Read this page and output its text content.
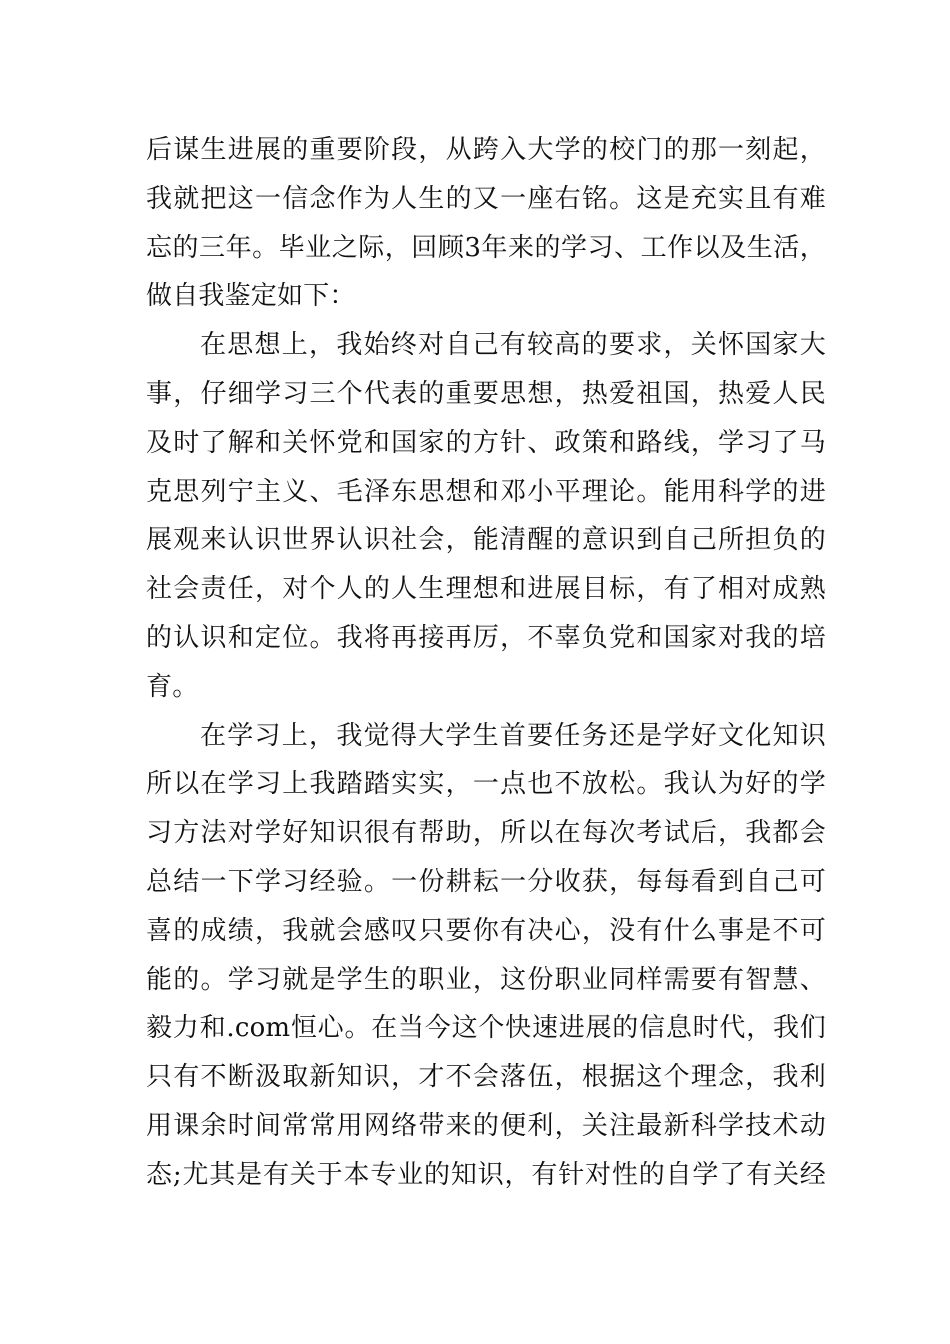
后谋生进展的重要阶段，从跨入大学的校门的那一刻起，
我就把这一信念作为人生的又一座右铭。这是充实且有难
忘的三年。毕业之际，回顾3年来的学习、工作以及生活，
做自我鉴定如下：
在思想上，我始终对自己有较高的要求，关怀国家大
事，仔细学习三个代表的重要思想，热爱祖国，热爱人民
及时了解和关怀党和国家的方针、政策和路线，学习了马
克思列宁主义、毛泽东思想和邓小平理论。能用科学的进
展观来认识世界认识社会，能清醒的意识到自己所担负的
社会责任，对个人的人生理想和进展目标，有了相对成熟
的认识和定位。我将再接再厉，不辜负党和国家对我的培
育。
在学习上，我觉得大学生首要任务还是学好文化知识
所以在学习上我踏踏实实，一点也不放松。我认为好的学
习方法对学好知识很有帮助，所以在每次考试后，我都会
总结一下学习经验。一份耕耘一分收获，每每看到自己可
喜的成绩，我就会感叹只要你有决心，没有什么事是不可
能的。学习就是学生的职业，这份职业同样需要有智慧、
毅力和.com恒心。在当今这个快速进展的信息时代，我们
只有不断汲取新知识，才不会落伍，根据这个理念，我利
用课余时间常常用网络带来的便利，关注最新科学技术动
态;尤其是有关于本专业的知识，有针对性的自学了有关经
